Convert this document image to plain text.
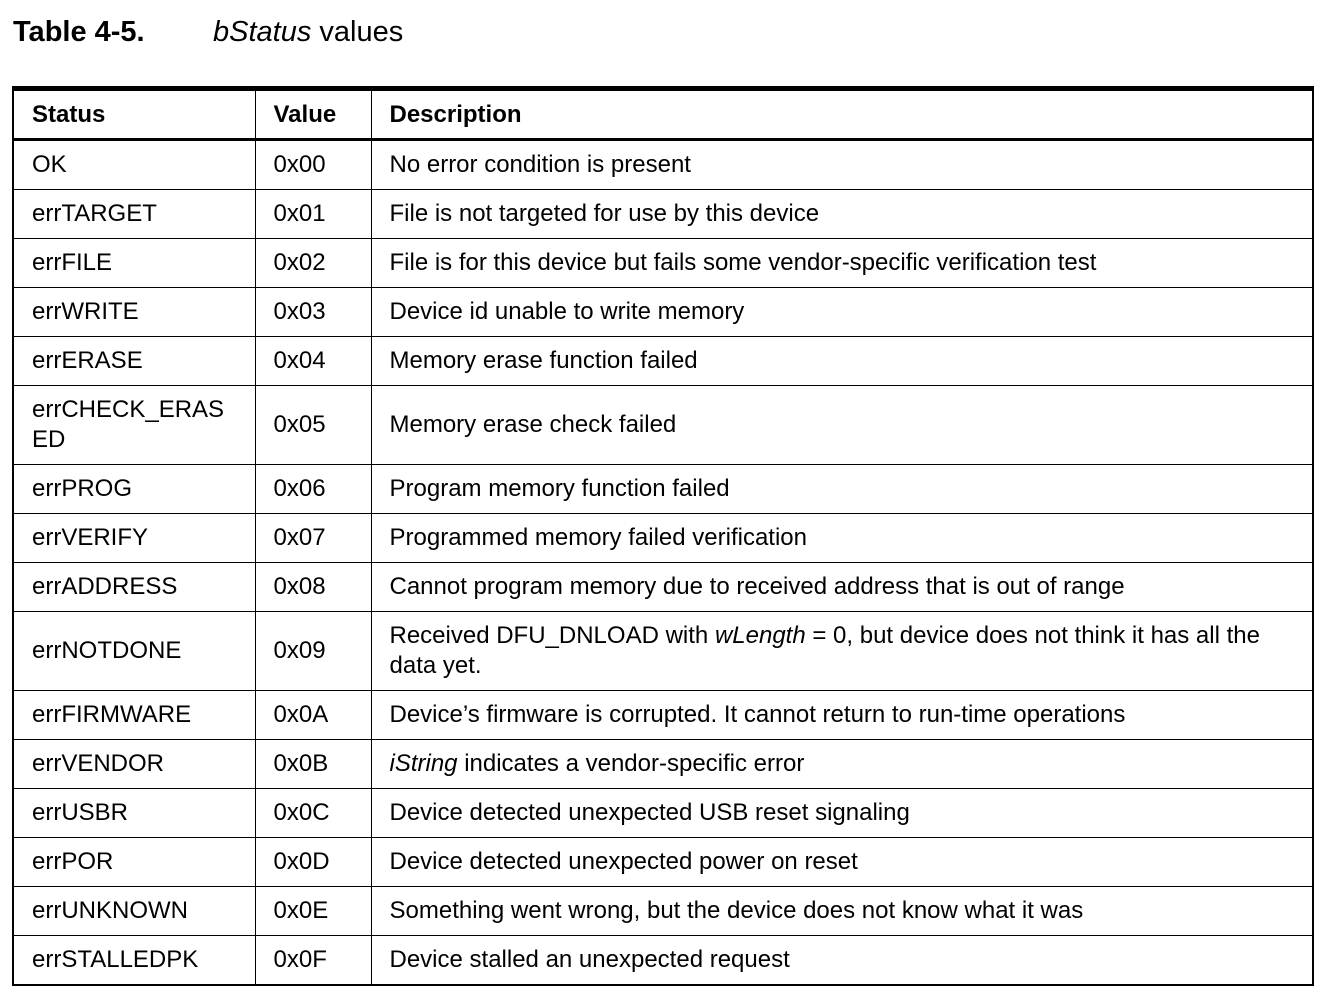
Table 4-5. bStatus values
Status	Value	Description
OK	0x00	No error condition is present
errTARGET	0x01	File is not targeted for use by this device
errFILE	0x02	File is for this device but fails some vendor-specific verification test
errWRITE	0x03	Device id unable to write memory
errERASE	0x04	Memory erase function failed
errCHECK_ERASED	0x05	Memory erase check failed
errPROG	0x06	Program memory function failed
errVERIFY	0x07	Programmed memory failed verification
errADDRESS	0x08	Cannot program memory due to received address that is out of range
errNOTDONE	0x09	Received DFU_DNLOAD with wLength = 0, but device does not think it has all the data yet.
errFIRMWARE	0x0A	Device’s firmware is corrupted. It cannot return to run-time operations
errVENDOR	0x0B	iString indicates a vendor-specific error
errUSBR	0x0C	Device detected unexpected USB reset signaling
errPOR	0x0D	Device detected unexpected power on reset
errUNKNOWN	0x0E	Something went wrong, but the device does not know what it was
errSTALLEDPK	0x0F	Device stalled an unexpected request
